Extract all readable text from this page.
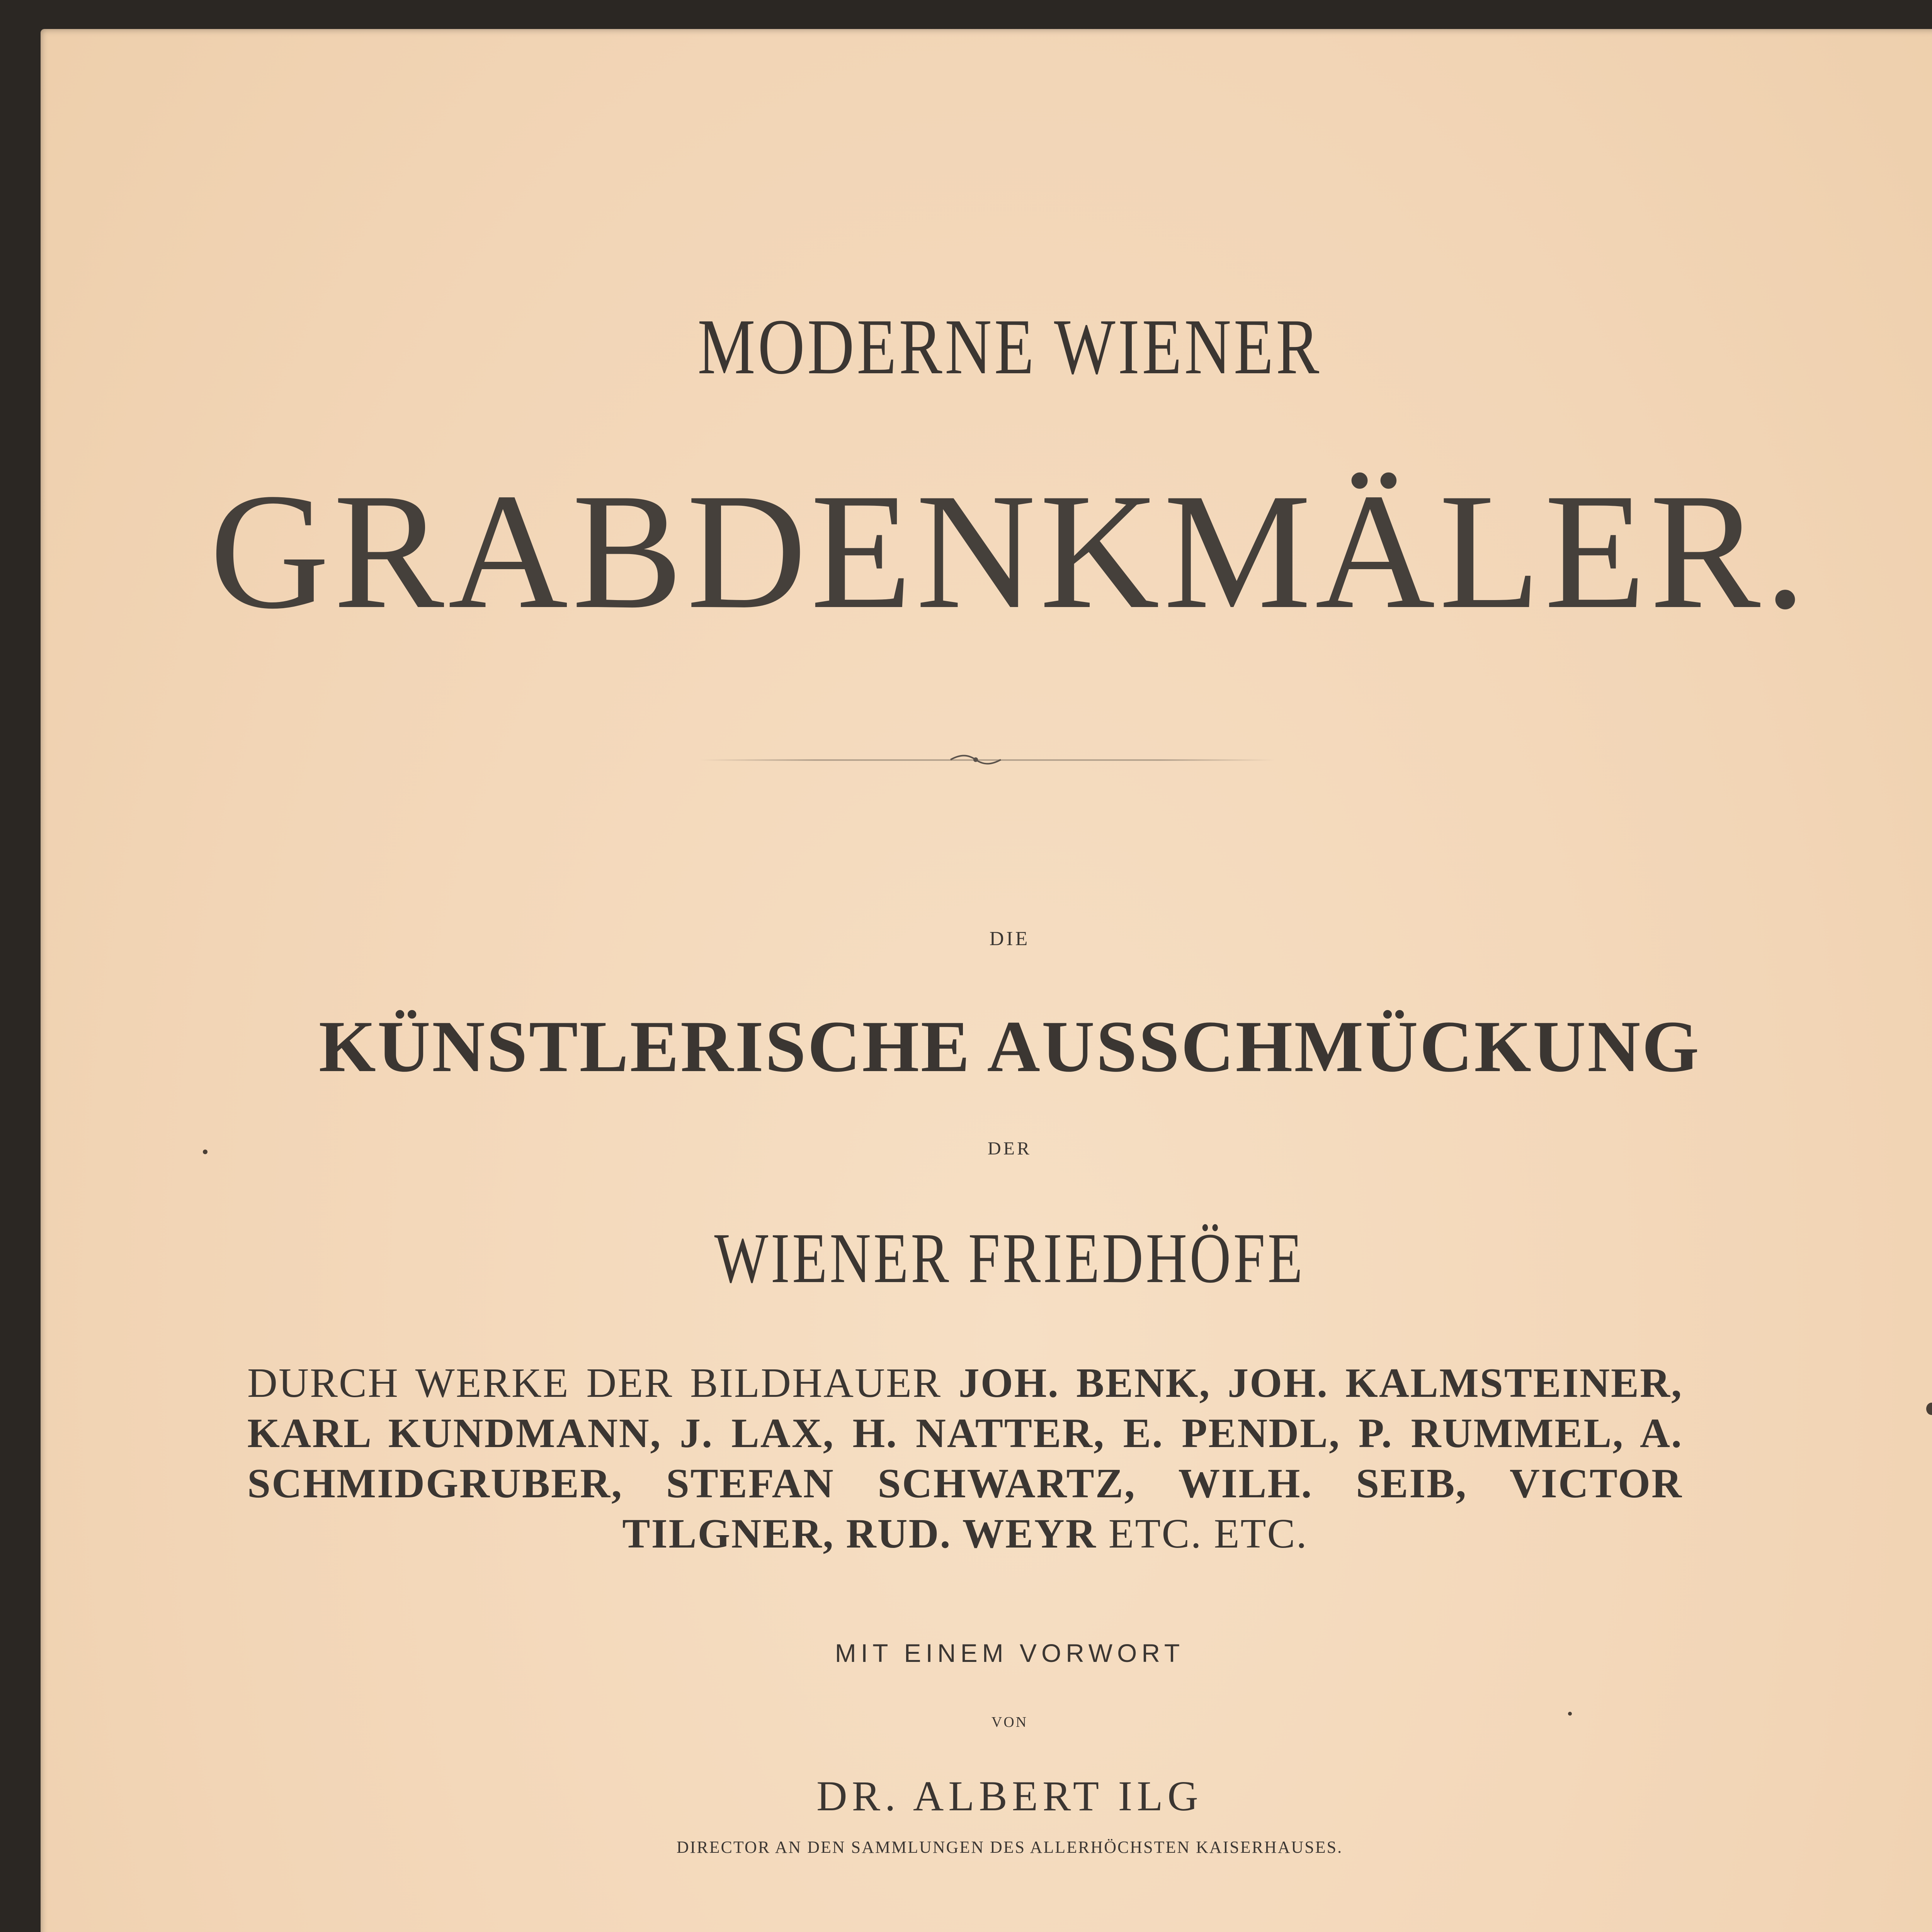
MODERNE WIENER
GRABDENKMÄLER.
DIE
KÜNSTLERISCHE AUSSCHMÜCKUNG
DER
WIENER FRIEDHÖFE
DURCH WERKE DER BILDHAUER JOH. BENK, JOH. KALMSTEINER, KARL KUNDMANN, J. LAX, H. NATTER, E. PENDL, P. RUMMEL, A. SCHMIDGRUBER, STEFAN SCHWARTZ, WILH. SEIB, VICTOR TILGNER, RUD. WEYR ETC. ETC.
MIT EINEM VORWORT
VON
DR. ALBERT ILG
DIRECTOR AN DEN SAMMLUNGEN DES ALLERHÖCHSTEN KAISERHAUSES.
